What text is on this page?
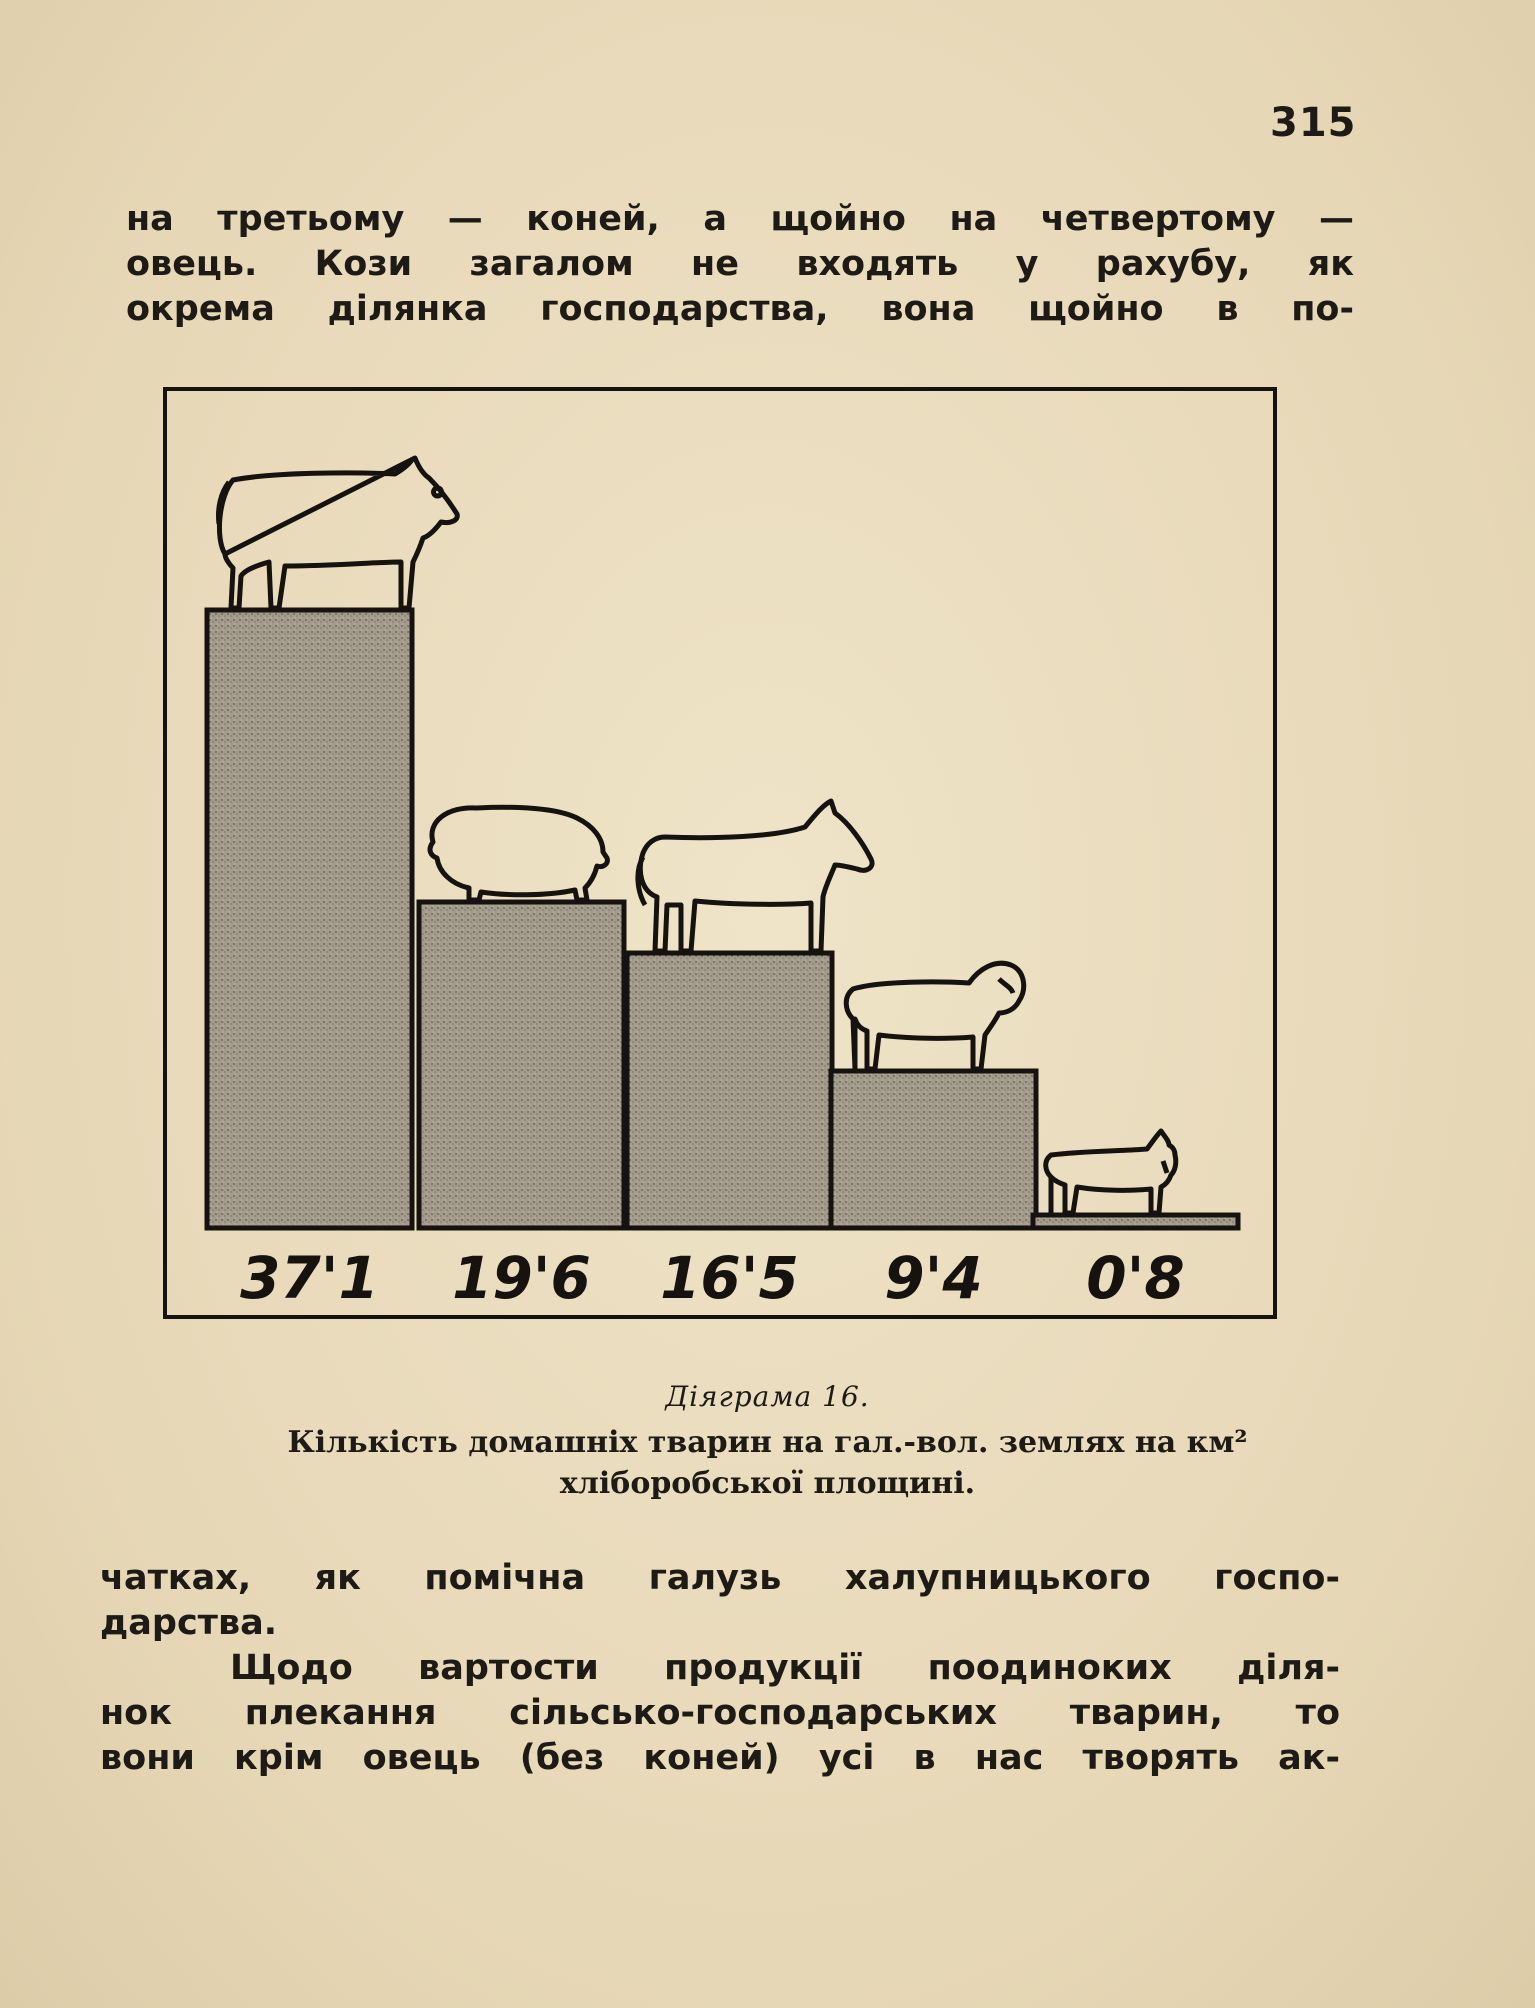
315

на третьому — коней, а щойно на четвертому —
овець. Кози загалом не входять у рахубу, як
окрема ділянка господарства, вона щойно в по-

37'1 19'6 16'5 9'4 0'8

Діяграма 16.

Кількість домашніх тварин на гал.-вол. землях на км²

хліборобської площині.

чатках, як помічна галузь халупницького госпо-
дарства.

Щодо вартости продукції поодиноких діля-
нок плекання сільсько-господарських тварин, то
вони крім овець (без коней) усі в нас творять ак-
